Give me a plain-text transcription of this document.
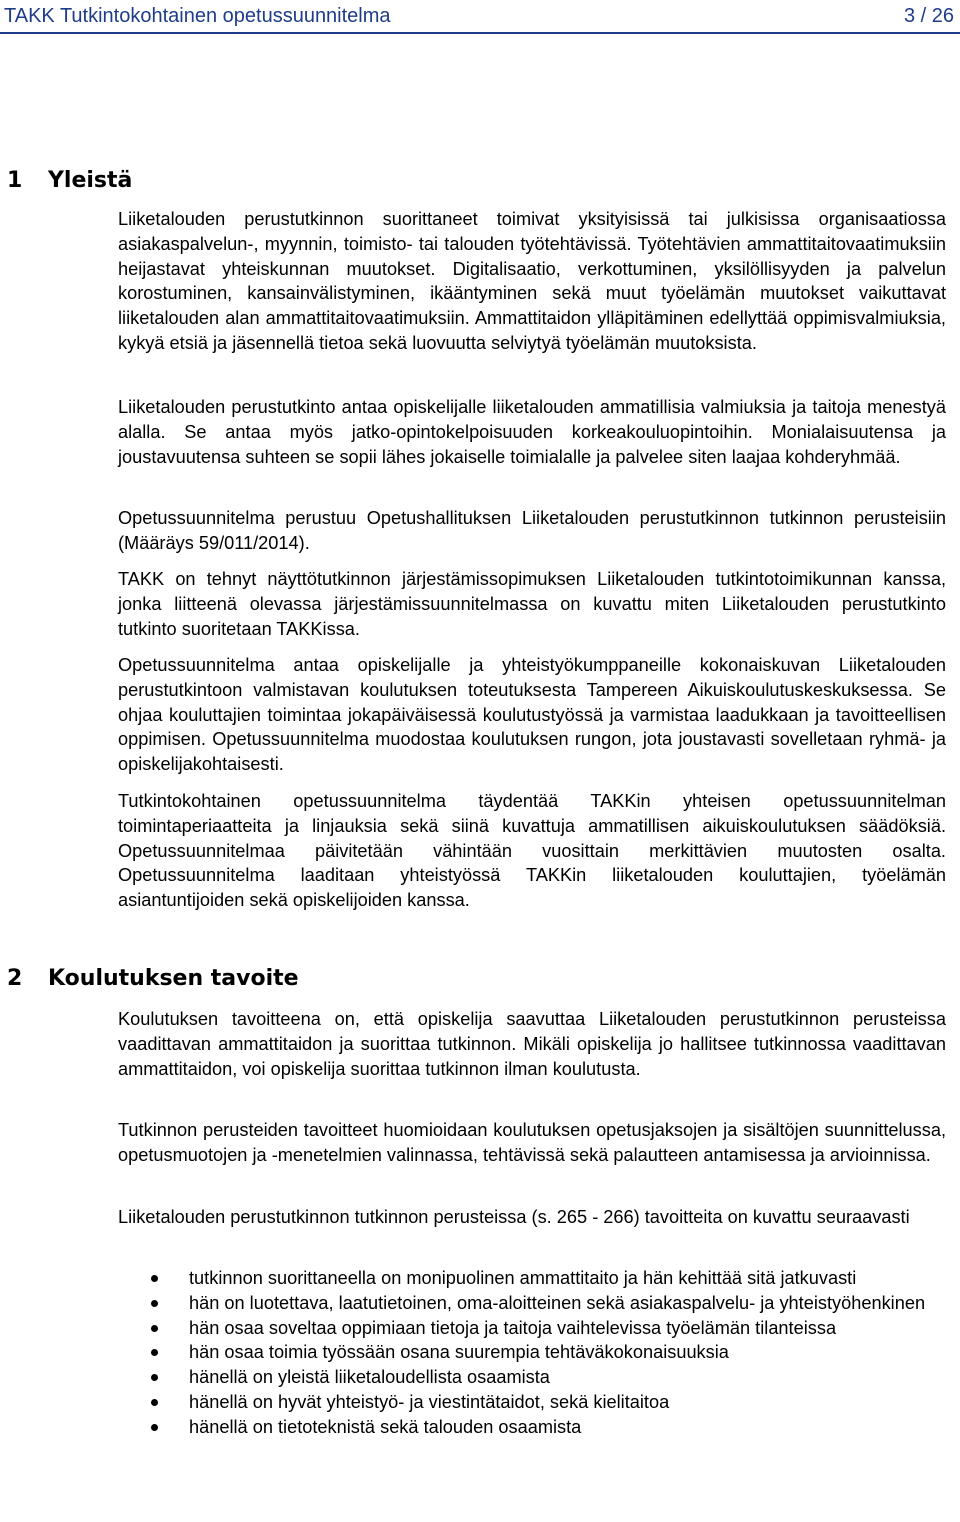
TAKK Tutkintokohtainen opetussuunnitelma	3 / 26
1 Yleistä

Liiketalouden perustutkinnon suorittaneet toimivat yksityisissä tai julkisissa organisaatiossa asiakaspalvelun-, myynnin, toimisto- tai talouden työtehtävissä. Työtehtävien ammattitaitovaatimuksiin heijastavat yhteiskunnan muutokset. Digitalisaatio, verkottuminen, yksilöllisyyden ja palvelun korostuminen, kansainvälistyminen, ikääntyminen sekä muut työelämän muutokset vaikuttavat liiketalouden alan ammattitaitovaatimuksiin. Ammattitaidon ylläpitäminen edellyttää oppimisvalmiuksia, kykyä etsiä ja jäsennellä tietoa sekä luovuutta selviytyä työelämän muutoksista.

Liiketalouden perustutkinto antaa opiskelijalle liiketalouden ammatillisia valmiuksia ja taitoja menestyä alalla. Se antaa myös jatko-opintokelpoisuuden korkeakouluopintoihin. Monialaisuutensa ja joustavuutensa suhteen se sopii lähes jokaiselle toimialalle ja palvelee siten laajaa kohderyhmää.

Opetussuunnitelma perustuu Opetushallituksen Liiketalouden perustutkinnon tutkinnon perusteisiin (Määräys 59/011/2014).

TAKK on tehnyt näyttötutkinnon järjestämissopimuksen Liiketalouden tutkintotoimikunnan kanssa, jonka liitteenä olevassa järjestämissuunnitelmassa on kuvattu miten Liiketalouden perustutkinto tutkinto suoritetaan TAKKissa.

Opetussuunnitelma antaa opiskelijalle ja yhteistyökumppaneille kokonaiskuvan Liiketalouden perustutkintoon valmistavan koulutuksen toteutuksesta Tampereen Aikuiskoulutuskeskuksessa. Se ohjaa kouluttajien toimintaa jokapäiväisessä koulutustyössä ja varmistaa laadukkaan ja tavoitteellisen oppimisen. Opetussuunnitelma muodostaa koulutuksen rungon, jota joustavasti sovelletaan ryhmä- ja opiskelijakohtaisesti.

Tutkintokohtainen opetussuunnitelma täydentää TAKKin yhteisen opetussuunnitelman toimintaperiaatteita ja linjauksia sekä siinä kuvattuja ammatillisen aikuiskoulutuksen säädöksiä. Opetussuunnitelmaa päivitetään vähintään vuosittain merkittävien muutosten osalta. Opetussuunnitelma laaditaan yhteistyössä TAKKin liiketalouden kouluttajien, työelämän asiantuntijoiden sekä opiskelijoiden kanssa.

2 Koulutuksen tavoite

Koulutuksen tavoitteena on, että opiskelija saavuttaa Liiketalouden perustutkinnon perusteissa vaadittavan ammattitaidon ja suorittaa tutkinnon. Mikäli opiskelija jo hallitsee tutkinnossa vaadittavan ammattitaidon, voi opiskelija suorittaa tutkinnon ilman koulutusta.

Tutkinnon perusteiden tavoitteet huomioidaan koulutuksen opetusjaksojen ja sisältöjen suunnittelussa, opetusmuotojen ja -menetelmien valinnassa, tehtävissä sekä palautteen antamisessa ja arvioinnissa.

Liiketalouden perustutkinnon tutkinnon perusteissa (s. 265 - 266) tavoitteita on kuvattu seuraavasti

tutkinnon suorittaneella on monipuolinen ammattitaito ja hän kehittää sitä jatkuvasti
hän on luotettava, laatutietoinen, oma-aloitteinen sekä asiakaspalvelu- ja yhteistyöhenkinen
hän osaa soveltaa oppimiaan tietoja ja taitoja vaihtelevissa työelämän tilanteissa
hän osaa toimia työssään osana suurempia tehtäväkokonaisuuksia
hänellä on yleistä liiketaloudellista osaamista
hänellä on hyvät yhteistyö- ja viestintätaidot, sekä kielitaitoa
hänellä on tietoteknistä sekä talouden osaamista
